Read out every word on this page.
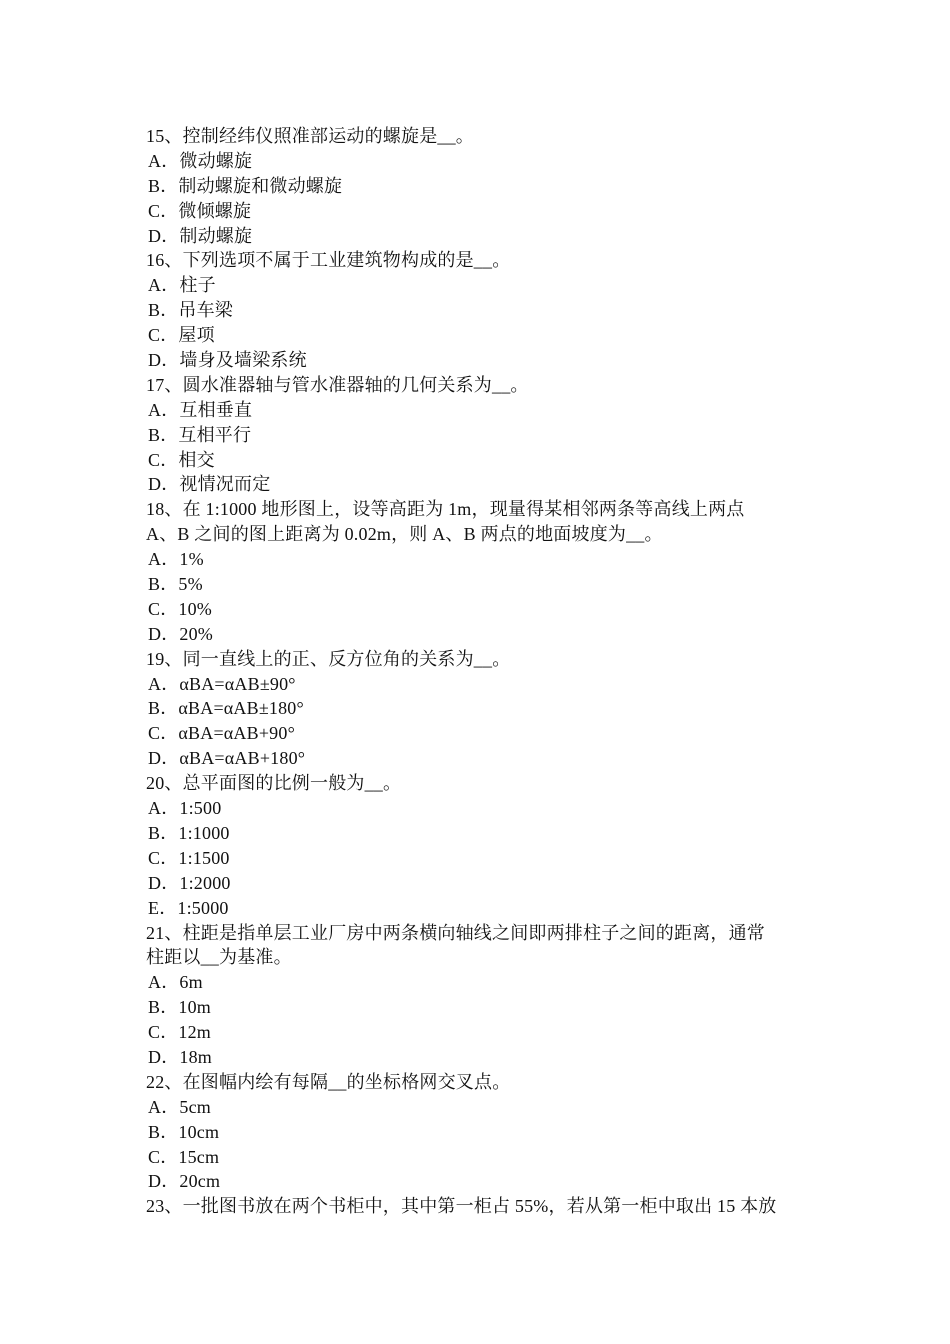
15、控制经纬仪照准部运动的螺旋是__。
A．微动螺旋
B．制动螺旋和微动螺旋
C．微倾螺旋
D．制动螺旋
16、下列选项不属于工业建筑物构成的是__。
A．柱子
B．吊车梁
C．屋项
D．墙身及墙梁系统
17、圆水准器轴与管水准器轴的几何关系为__。
A．互相垂直
B．互相平行
C．相交
D．视情况而定
18、在 1:1000 地形图上，设等高距为 1m，现量得某相邻两条等高线上两点
A、B 之间的图上距离为 0.02m，则 A、B 两点的地面坡度为__。
A．1%
B．5%
C．10%
D．20%
19、同一直线上的正、反方位角的关系为__。
A．αBA=αAB±90°
B．αBA=αAB±180°
C．αBA=αAB+90°
D．αBA=αAB+180°
20、总平面图的比例一般为__。
A．1:500
B．1:1000
C．1:1500
D．1:2000
E．1:5000
21、柱距是指单层工业厂房中两条横向轴线之间即两排柱子之间的距离，通常
柱距以__为基准。
A．6m
B．10m
C．12m
D．18m
22、在图幅内绘有每隔__的坐标格网交叉点。
A．5cm
B．10cm
C．15cm
D．20cm
23、一批图书放在两个书柜中，其中第一柜占 55%，若从第一柜中取出 15 本放
